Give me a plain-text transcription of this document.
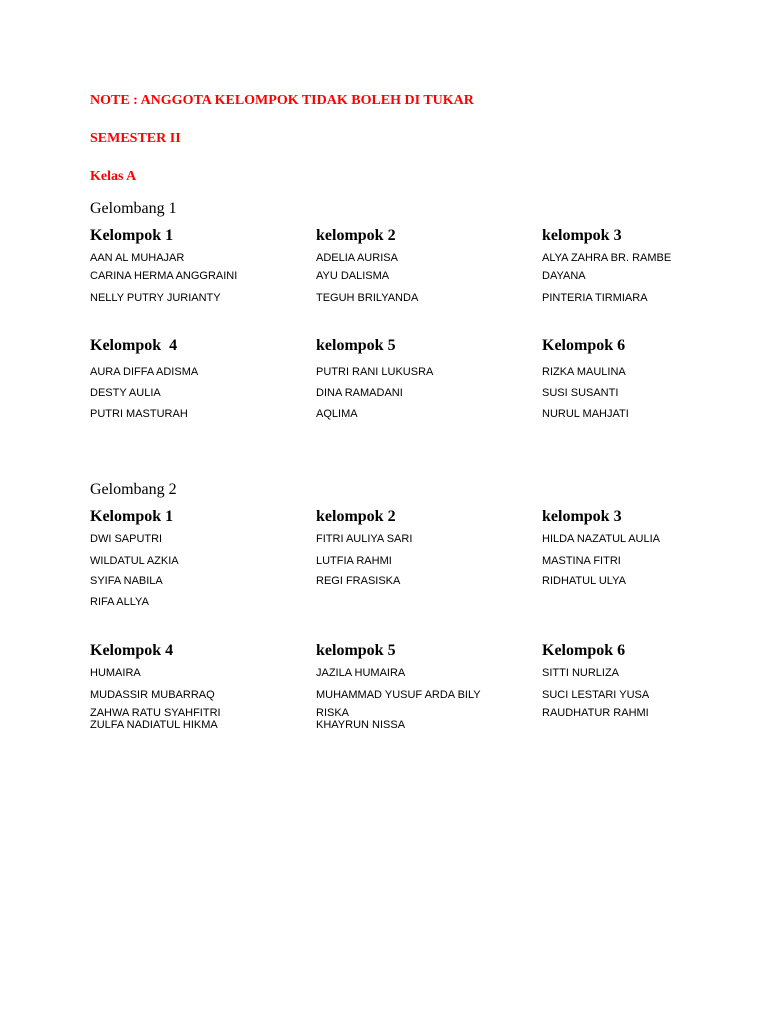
NOTE : ANGGOTA KELOMPOK TIDAK BOLEH DI TUKAR
SEMESTER II
Kelas A
Gelombang 1
Kelompok 1
AAN AL MUHAJAR
CARINA HERMA ANGGRAINI
NELLY PUTRY JURIANTY
kelompok 2
ADELIA AURISA
AYU DALISMA
TEGUH BRILYANDA
kelompok 3
ALYA ZAHRA BR. RAMBE
DAYANA
PINTERIA TIRMIARA
Kelompok  4
AURA DIFFA ADISMA
DESTY AULIA
PUTRI MASTURAH
kelompok 5
PUTRI RANI LUKUSRA
DINA RAMADANI
AQLIMA
Kelompok 6
RIZKA MAULINA
SUSI SUSANTI
NURUL MAHJATI
Gelombang 2
Kelompok 1
DWI SAPUTRI
WILDATUL AZKIA
SYIFA NABILA
RIFA ALLYA
kelompok 2
FITRI AULIYA SARI
LUTFIA RAHMI
REGI FRASISKA
kelompok 3
HILDA NAZATUL AULIA
MASTINA FITRI
RIDHATUL ULYA
Kelompok 4
HUMAIRA
MUDASSIR MUBARRAQ
ZAHWA RATU SYAHFITRI
ZULFA NADIATUL HIKMA
kelompok 5
JAZILA HUMAIRA
MUHAMMAD YUSUF ARDA BILY
RISKA
KHAYRUN NISSA
Kelompok 6
SITTI NURLIZA
SUCI LESTARI YUSA
RAUDHATUR RAHMI
